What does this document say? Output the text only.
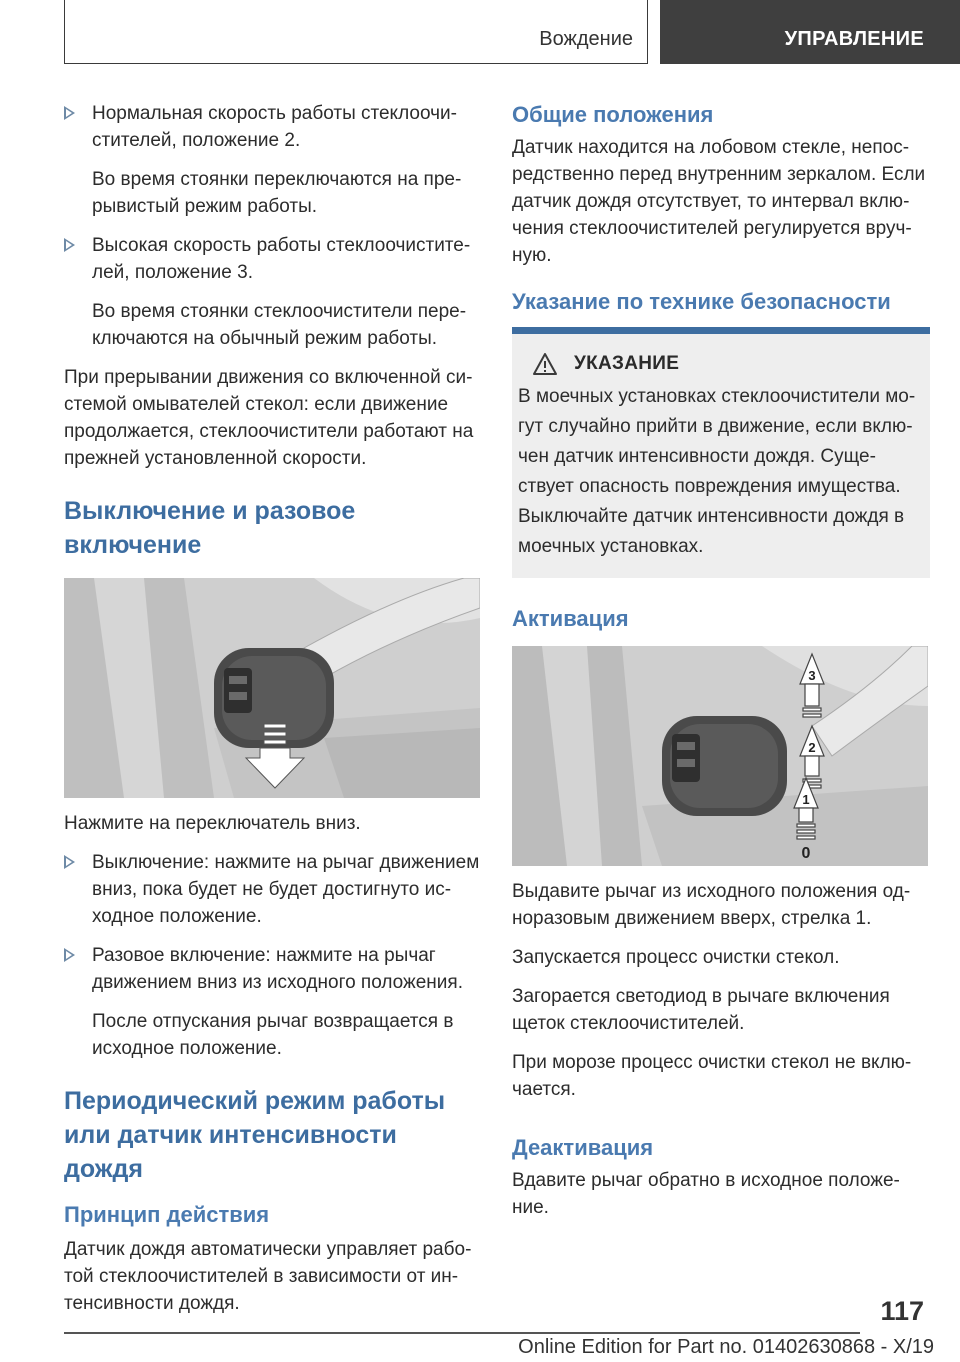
Вождение	УПРАВЛЕНИЕ

Нормальная скорость работы стеклоочистителей, положение 2.

Во время стоянки переключаются на прерывистый режим работы.

Высокая скорость работы стеклоочистителей, положение 3.

Во время стоянки стеклоочистители переключаются на обычный режим работы.

При прерывании движения со включенной системой омывателей стекол: если движение продолжается, стеклоочистители работают на прежней установленной скорости.

Выключение и разовое включение

Нажмите на переключатель вниз.

Выключение: нажмите на рычаг движением вниз, пока будет не будет достигнуто исходное положение.

Разовое включение: нажмите на рычаг движением вниз из исходного положения.

После отпускания рычаг возвращается в исходное положение.

Периодический режим работы или датчик интенсивности дождя
Принцип действия

Датчик дождя автоматически управляет работой стеклоочистителей в зависимости от интенсивности дождя.

Общие положения

Датчик находится на лобовом стекле, непосредственно перед внутренним зеркалом. Если датчик дождя отсутствует, то интервал включения стеклоочистителей регулируется вручную.

Указание по технике безопасности
УКАЗАНИЕ

В моечных установках стеклоочистители могут случайно прийти в движение, если включен датчик интенсивности дождя. Существует опасность повреждения имущества. Выключайте датчик интенсивности дождя в моечных установках.

Активация
3
2
1
0

Выдавите рычаг из исходного положения одноразовым движением вверх, стрелка 1.

Запускается процесс очистки стекол.

Загорается светодиод в рычаге включения щеток стеклоочистителей.

При морозе процесс очистки стекол не включается.

Деактивация

Вдавите рычаг обратно в исходное положение.

117
Online Edition for Part no. 01402630868 - X/19
